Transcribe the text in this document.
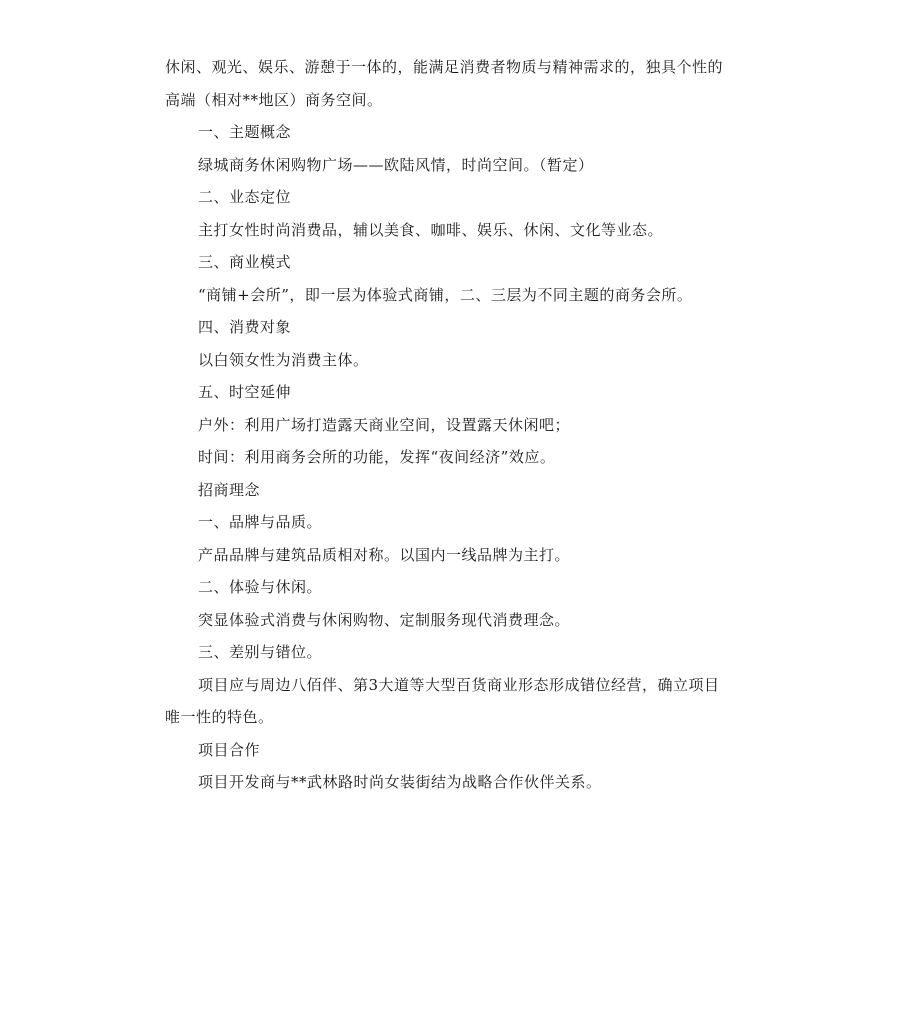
休闲、观光、娱乐、游憩于一体的，能满足消费者物质与精神需求的，独具个性的
高端（相对**地区）商务空间。
一、主题概念
绿城商务休闲购物广场——欧陆风情，时尚空间。（暂定）
二、业态定位
主打女性时尚消费品，辅以美食、咖啡、娱乐、休闲、文化等业态。
三、商业模式
“商铺+会所”，即一层为体验式商铺，二、三层为不同主题的商务会所。
四、消费对象
以白领女性为消费主体。
五、时空延伸
户外：利用广场打造露天商业空间，设置露天休闲吧；
时间：利用商务会所的功能，发挥“夜间经济”效应。
招商理念
一、品牌与品质。
产品品牌与建筑品质相对称。以国内一线品牌为主打。
二、体验与休闲。
突显体验式消费与休闲购物、定制服务现代消费理念。
三、差别与错位。
项目应与周边八佰伴、第3大道等大型百货商业形态形成错位经营，确立项目
唯一性的特色。
项目合作
项目开发商与**武林路时尚女装街结为战略合作伙伴关系。
